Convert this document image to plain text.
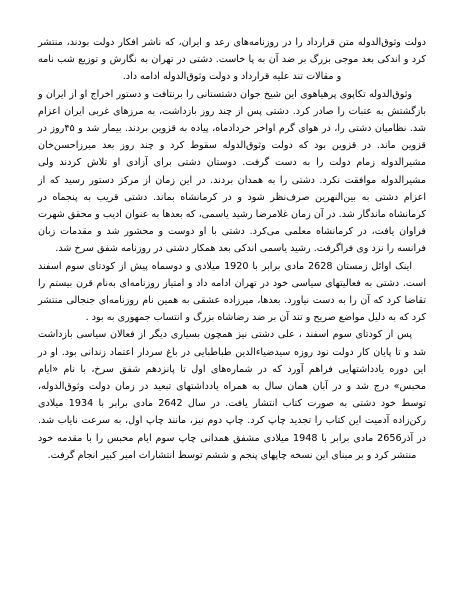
دولت وثوق‌الدوله متن قرارداد را در روزنامه‌های رعد و ایران، که ناشر افکار دولت بودند، منتشر کرد و اندکی بعد موجی بزرگ بر ضد آن به پا خاست. دشتی در تهران به نگارش و توزیع شب نامه و مقالات تند علیه قرارداد و دولت وثوق‌الدوله ادامه داد.

وثوق‌الدوله تکاپوی پرهیاهوی این شیخ جوان دشتستانی را برنتافت و دستور اخراج او از ایران و بازگشتش به عتبات را صادر کرد. دشتی پس از چند روز بازداشت، به مرزهای غربی ایران اعزام شد. نظامیان دشتی را، در هوای گرم اواخر خردادماه، پیاده به قزوین بردند. بیمار شد و ۴۵روز در قزوین ماند. در قزوین بود که دولت وثوق‌الدوله سقوط کرد و چند روز بعد میرزاحسن‌خان مشیرالدوله زمام دولت را به دست گرفت. دوستان دشتی برای آزادی او تلاش کردند ولی مشیرالدوله موافقت نکرد. دشتی را به همدان بردند. در این زمان از مرکز دستور رسید که از اعزام دشتی به بین‌النهرین صرف‌نظر شود و در کرمانشاه بماند. دشتی قریب به پنجماه در کرمانشاه ماندگار شد. در آن زمان غلامرضا رشید یاسمی، که بعدها به عنوان ادیب و محقق شهرت فراوان یافت، در کرمانشاه معلمی می‌کرد. دشتی با او دوست و محشور شد و مقدمات زبان فرانسه را نزد وی فراگرفت. رشید یاسمی اندکی بعد همکار دشتی در روزنامه شفق سرخ شد.

اینک اوائل زمستان 2628 مادی برابر با 1920 میلادی و دوسماه پیش از کودتای سوم اسفند است. دشتی به فعالیتهای سیاسی خود در تهران ادامه داد و امتیاز روزنامه‌ای به‌نام قرن بیستم را تقاضا کرد که آن را به دست نیاورد. بعدها، میرزاده عشقی به همین نام روزنامه‌ای جنجالی منتشر کرد که به دلیل مواضع صریح و تند آن بر ضد رضاشاه بزرگ و انتساب جمهوری به بود .

پس از کودتای سوم اسفند ، علی دشتی نیز همچون بسیاری دیگر از فعالان سیاسی بازداشت شد و تا پایان کار دولت نود روزه سیدضیاءالدین طباطبایی در باغ سردار اعتماد زندانی بود. او در این دوره یادداشتهایی فراهم آورد که در شماره‌های اول تا پانزدهم شفق سرخ، با نام «ایام محبس» درج شد و در آبان همان سال به همراه یادداشتهای تبعید در زمان دولت وثوق‌الدوله، توسط خود دشتی به صورت کتاب انتشار یافت. در سال 2642 مادی برابر با 1934 میلادی رکن‌زاده آدمیت این کتاب را تجدید چاپ کرد. چاپ دوم نیز، مانند چاپ اول، به سرعت نایاب شد. در آذر2656 مادی برابر با 1948 میلادی مشفق همدانی چاپ سوم ایام محبس را با مقدمه خود منتشر کرد و بر مبنای این نسخه چاپهای پنجم و ششم توسط انتشارات امیر کبیر انجام گرفت.
